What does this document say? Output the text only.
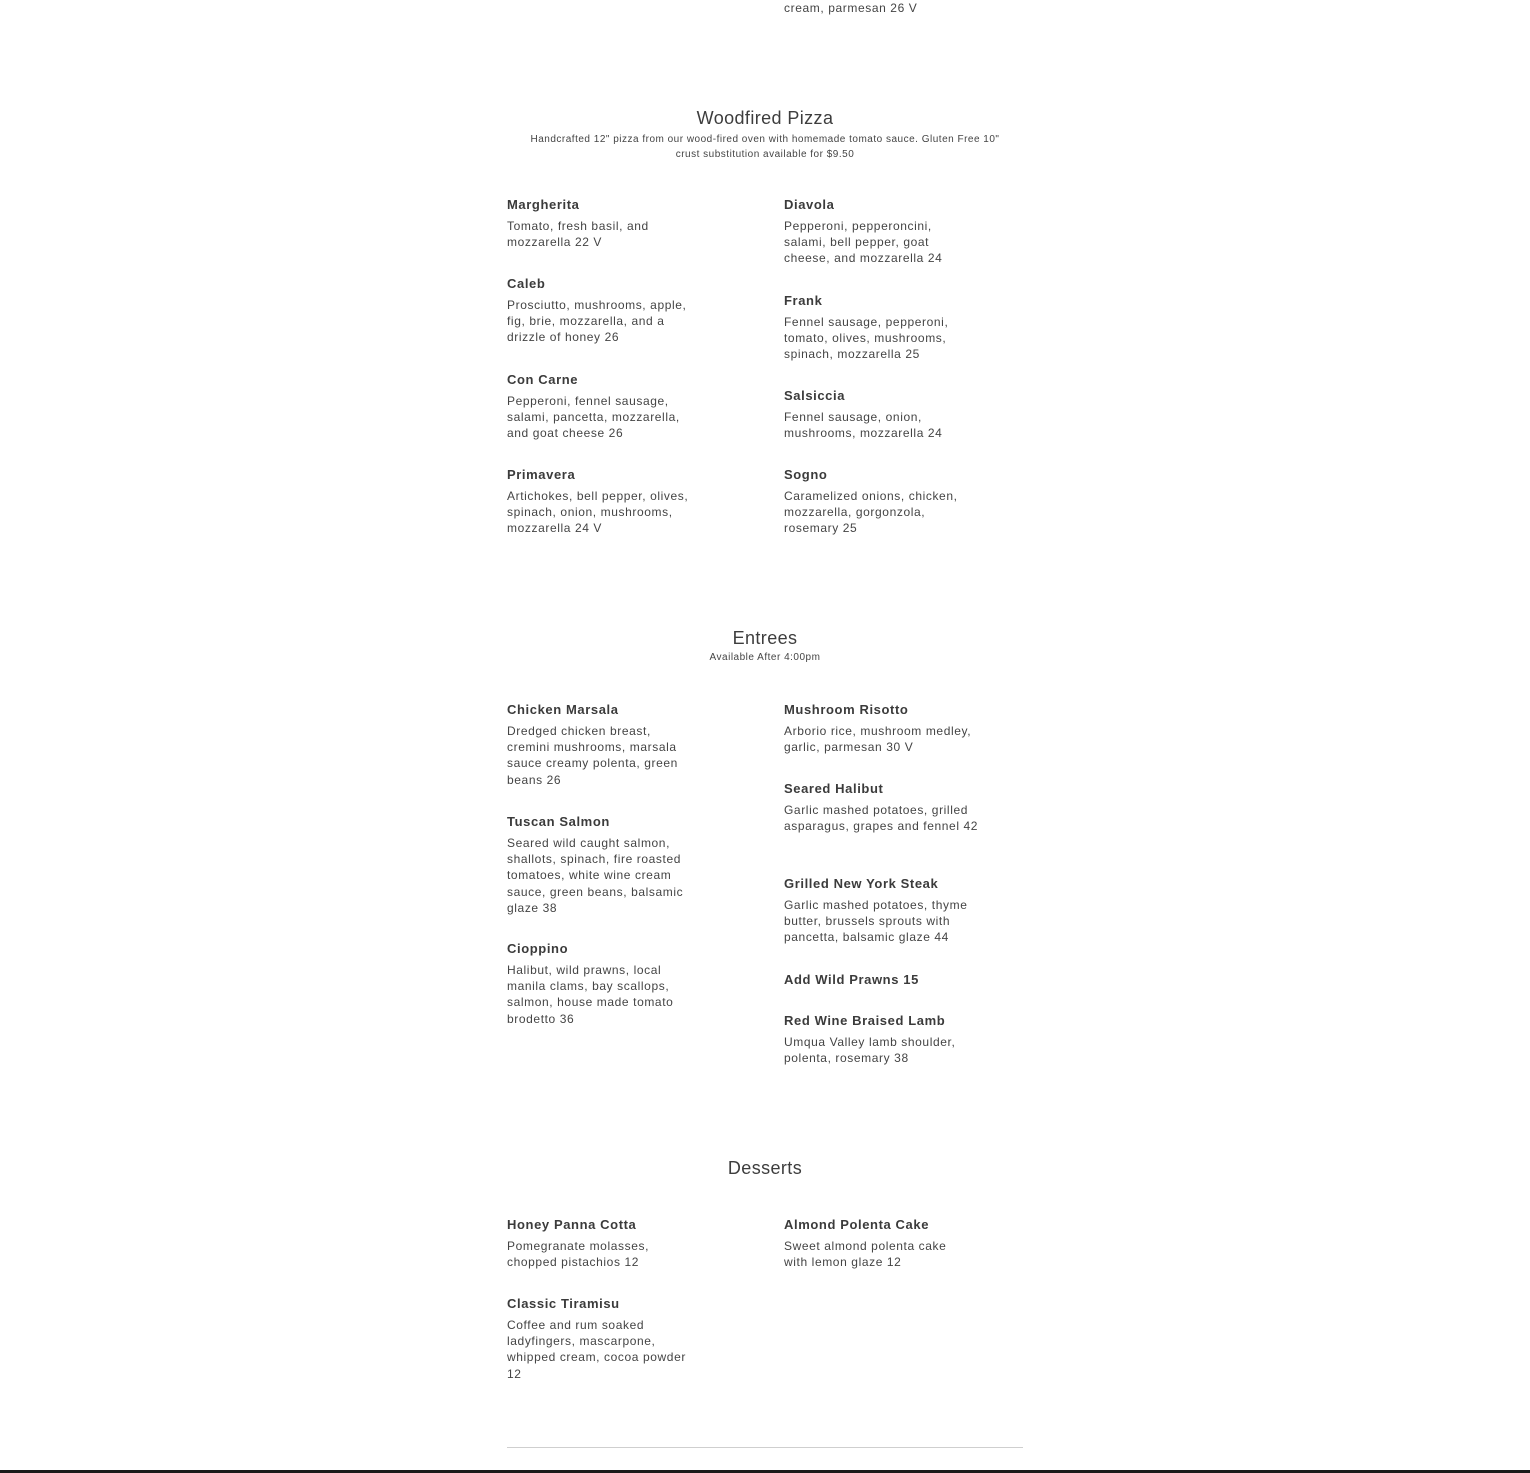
cream, parmesan 26 V
Woodfired Pizza
Handcrafted 12" pizza from our wood-fired oven with homemade tomato sauce. Gluten Free 10"
crust substitution available for $9.50
Margherita
Tomato, fresh basil, and mozzarella 22 V
Caleb
Prosciutto, mushrooms, apple, fig, brie, mozzarella, and a drizzle of honey 26
Con Carne
Pepperoni, fennel sausage, salami, pancetta, mozzarella, and goat cheese 26
Primavera
Artichokes, bell pepper, olives, spinach, onion, mushrooms, mozzarella 24 V
Diavola
Pepperoni, pepperoncini, salami, bell pepper, goat cheese, and mozzarella 24
Frank
Fennel sausage, pepperoni, tomato, olives, mushrooms, spinach, mozzarella 25
Salsiccia
Fennel sausage, onion, mushrooms, mozzarella 24
Sogno
Caramelized onions, chicken, mozzarella, gorgonzola, rosemary 25
Entrees
Available After 4:00pm
Chicken Marsala
Dredged chicken breast, cremini mushrooms, marsala sauce creamy polenta, green beans 26
Tuscan Salmon
Seared wild caught salmon, shallots, spinach, fire roasted tomatoes, white wine cream sauce, green beans, balsamic glaze 38
Cioppino
Halibut, wild prawns, local manila clams, bay scallops, salmon, house made tomato brodetto 36
Mushroom Risotto
Arborio rice, mushroom medley, garlic, parmesan 30 V
Seared Halibut
Garlic mashed potatoes, grilled asparagus, grapes and fennel 42
Grilled New York Steak
Garlic mashed potatoes, thyme butter, brussels sprouts with pancetta, balsamic glaze 44
Add Wild Prawns 15
Red Wine Braised Lamb
Umqua Valley lamb shoulder, polenta, rosemary 38
Desserts
Honey Panna Cotta
Pomegranate molasses, chopped pistachios 12
Classic Tiramisu
Coffee and rum soaked ladyfingers, mascarpone, whipped cream, cocoa powder 12
Almond Polenta Cake
Sweet almond polenta cake with lemon glaze 12
